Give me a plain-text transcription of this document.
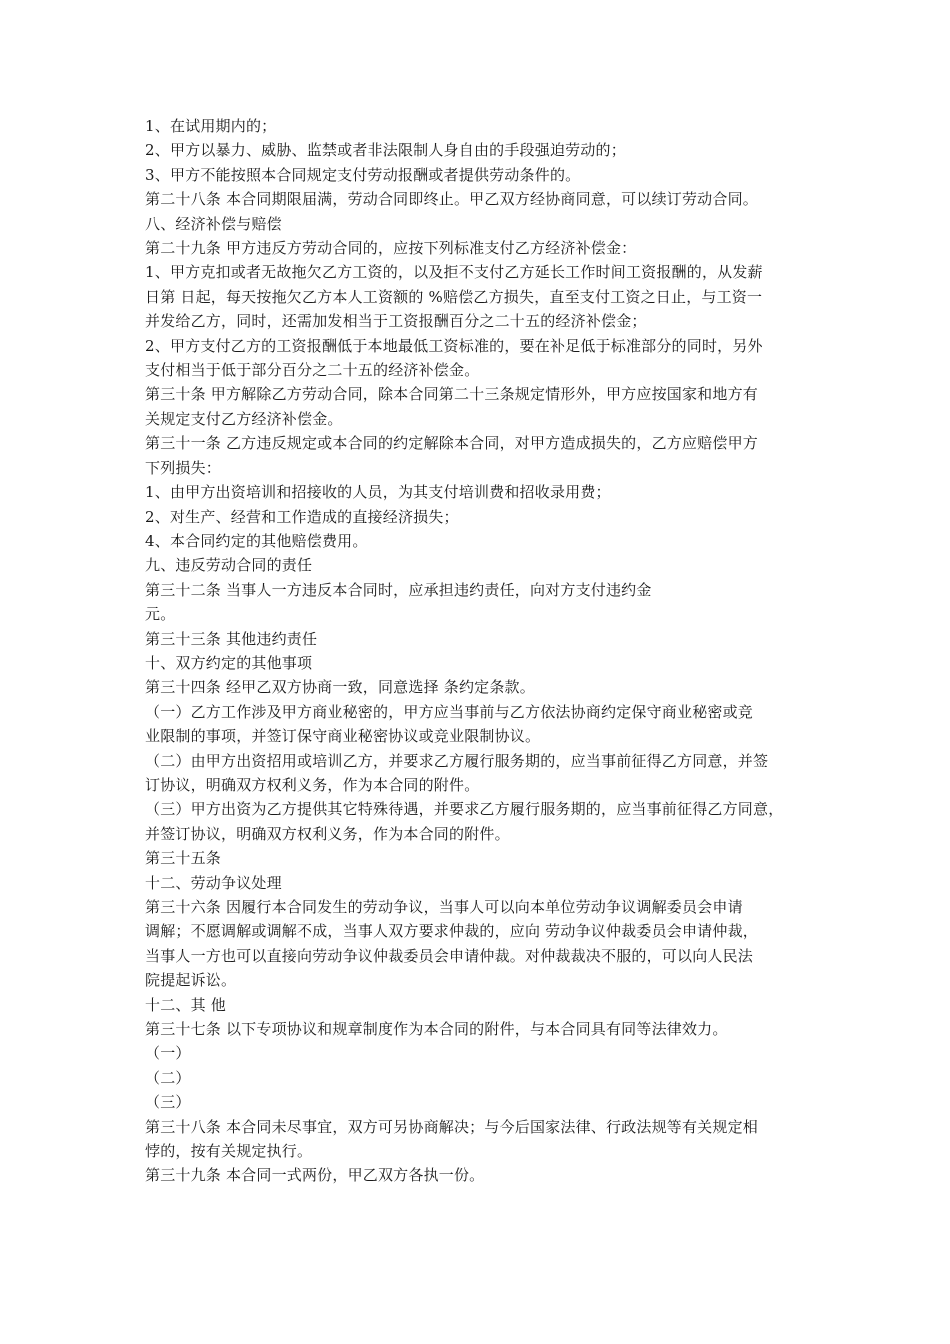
1、在试用期内的；
2、甲方以暴力、威胁、监禁或者非法限制人身自由的手段强迫劳动的；
3、甲方不能按照本合同规定支付劳动报酬或者提供劳动条件的。
第二十八条 本合同期限届满，劳动合同即终止。甲乙双方经协商同意，可以续订劳动合同。
八、经济补偿与赔偿
第二十九条 甲方违反方劳动合同的，应按下列标准支付乙方经济补偿金：
1、甲方克扣或者无故拖欠乙方工资的，以及拒不支付乙方延长工作时间工资报酬的，从发薪
日第 日起，每天按拖欠乙方本人工资额的 %赔偿乙方损失，直至支付工资之日止，与工资一
并发给乙方，同时，还需加发相当于工资报酬百分之二十五的经济补偿金；
2、甲方支付乙方的工资报酬低于本地最低工资标准的，要在补足低于标准部分的同时，另外
支付相当于低于部分百分之二十五的经济补偿金。
第三十条 甲方解除乙方劳动合同，除本合同第二十三条规定情形外，甲方应按国家和地方有
关规定支付乙方经济补偿金。
第三十一条 乙方违反规定或本合同的约定解除本合同，对甲方造成损失的，乙方应赔偿甲方
下列损失：
1、由甲方出资培训和招接收的人员，为其支付培训费和招收录用费；
2、对生产、经营和工作造成的直接经济损失；
4、本合同约定的其他赔偿费用。
九、违反劳动合同的责任
第三十二条 当事人一方违反本合同时，应承担违约责任，向对方支付违约金
元。
第三十三条 其他违约责任
十、双方约定的其他事项
第三十四条 经甲乙双方协商一致，同意选择 条约定条款。
（一）乙方工作涉及甲方商业秘密的，甲方应当事前与乙方依法协商约定保守商业秘密或竞
业限制的事项，并签订保守商业秘密协议或竞业限制协议。
（二）由甲方出资招用或培训乙方，并要求乙方履行服务期的，应当事前征得乙方同意，并签
订协议，明确双方权利义务，作为本合同的附件。
（三）甲方出资为乙方提供其它特殊待遇，并要求乙方履行服务期的，应当事前征得乙方同意，
并签订协议，明确双方权利义务，作为本合同的附件。
第三十五条
十二、劳动争议处理
第三十六条 因履行本合同发生的劳动争议，当事人可以向本单位劳动争议调解委员会申请
调解；不愿调解或调解不成，当事人双方要求仲裁的，应向 劳动争议仲裁委员会申请仲裁，
当事人一方也可以直接向劳动争议仲裁委员会申请仲裁。对仲裁裁决不服的，可以向人民法
院提起诉讼。
十二、其 他
第三十七条 以下专项协议和规章制度作为本合同的附件，与本合同具有同等法律效力。
（一）
（二）
（三）
第三十八条 本合同未尽事宜，双方可另协商解决；与今后国家法律、行政法规等有关规定相
悖的，按有关规定执行。
第三十九条 本合同一式两份，甲乙双方各执一份。
